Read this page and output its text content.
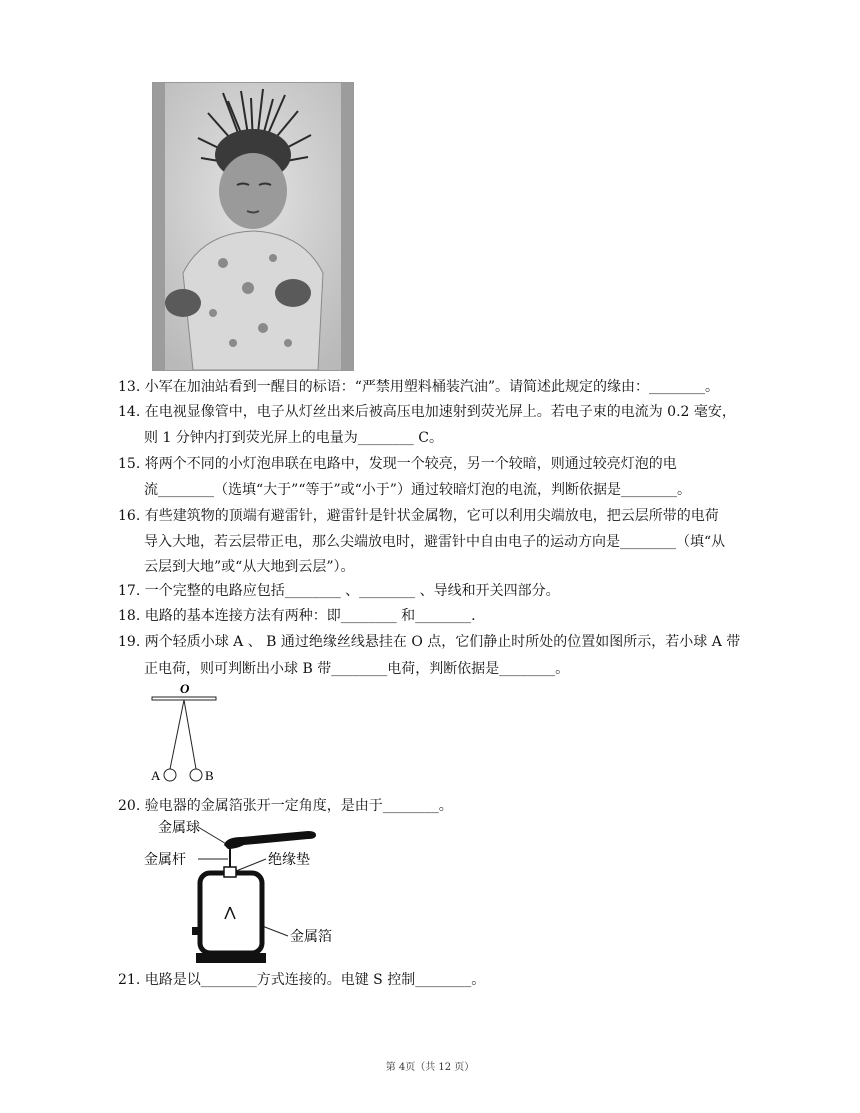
13. 小军在加油站看到一醒目的标语：“严禁用塑料桶装汽油”。请简述此规定的缘由：________。
14. 在电视显像管中，电子从灯丝出来后被高压电加速射到荧光屏上。若电子束的电流为 0.2 毫安，
则 1 分钟内打到荧光屏上的电量为________ C。
15. 将两个不同的小灯泡串联在电路中，发现一个较亮，另一个较暗，则通过较亮灯泡的电
流________（选填“大于”“等于”或“小于”）通过较暗灯泡的电流，判断依据是________。
16. 有些建筑物的顶端有避雷针，避雷针是针状金属物，它可以利用尖端放电，把云层所带的电荷
导入大地，若云层带正电，那么尖端放电时，避雷针中自由电子的运动方向是________（填“从
云层到大地”或“从大地到云层”）。
17. 一个完整的电路应包括________ 、________ 、导线和开关四部分。
18. 电路的基本连接方法有两种：即________ 和________.
19. 两个轻质小球 A 、 B 通过绝缘丝线悬挂在 O 点，它们静止时所处的位置如图所示，若小球 A 带
正电荷，则可判断出小球 B 带________电荷，判断依据是________。
O
A	B
20. 验电器的金属箔张开一定角度，是由于________。
金属球
金属杆	绝缘垫
金属箔
21. 电路是以________方式连接的。电键 S 控制________。
第 4页（共 12 页）
